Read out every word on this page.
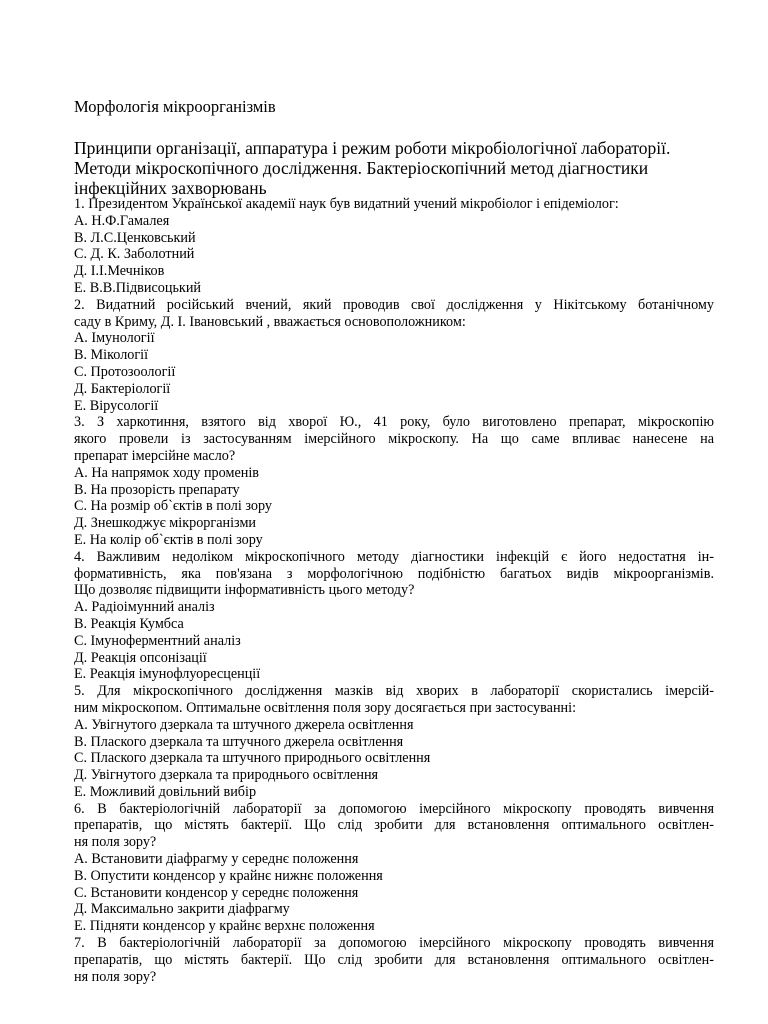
Морфологія мікроорганізмів
Принципи організації, аппаратура і режим роботи мікробіологічної лабораторії.
Методи мікроскопічного дослідження. Бактеріоскопічний метод діагностики
інфекційних захворювань
1. Президентом Української академії наук був видатний учений мікробіолог і епідеміолог:
А. Н.Ф.Гамалея
В. Л.С.Ценковський
С. Д. К. Заболотний
Д. І.І.Мечніков
Е. В.В.Підвисоцький
2. Видатний російський вчений, який проводив свої дослідження у Нікітському ботанічному
саду в Криму, Д. І. Івановський , вважається основоположником:
А. Імунології
В. Мікології
С. Протозоології
Д. Бактеріології
Е. Вірусології
3. З харкотиння, взятого від хворої Ю., 41 року, було виготовлено препарат, мікроскопію
якого провели із застосуванням імерсійного мікроскопу. На що саме впливає нанесене на
препарат імерсійне масло?
А. На напрямок ходу променів
В. На прозорість препарату
С. На розмір об`єктів в полі зору
Д. Знешкоджує мікрорганізми
Е. На колір об`єктів в полі зору
4. Важливим недоліком мікроскопічного методу діагностики інфекцій є його недостатня ін-
формативність, яка пов'язана з морфологічною подібністю багатьох видів мікроорганізмів.
Що дозволяє підвищити інформативність цього методу?
А. Радіоімунний аналіз
В. Реакція Кумбса
С. Імуноферментний аналіз
Д. Реакція опсонізації
Е. Реакція імунофлуоресценції
5. Для мікроскопічного дослідження мазків від хворих в лабораторії скористались імерсій-
ним мікроскопом. Оптимальне освітлення поля зору досягається при застосуванні:
А. Увігнутого дзеркала та штучного джерела освітлення
В. Плаского дзеркала та штучного джерела освітлення
С. Плаского дзеркала та штучного природнього освітлення
Д. Увігнутого дзеркала та природнього освітлення
Е. Можливий довільний вибір
6. В бактеріологічній лабораторії за допомогою імерсійного мікроскопу проводять вивчення
препаратів, що містять бактерії. Що слід зробити для встановлення оптимального освітлен-
ня поля зору?
А. Встановити діафрагму у середнє положення
В. Опустити конденсор у крайнє нижнє положення
С. Встановити конденсор у середнє положення
Д. Максимально закрити діафрагму
Е. Підняти конденсор у крайнє верхнє положення
7. В бактеріологічній лабораторії за допомогою імерсійного мікроскопу проводять вивчення
препаратів, що містять бактерії. Що слід зробити для встановлення оптимального освітлен-
ня поля зору?
